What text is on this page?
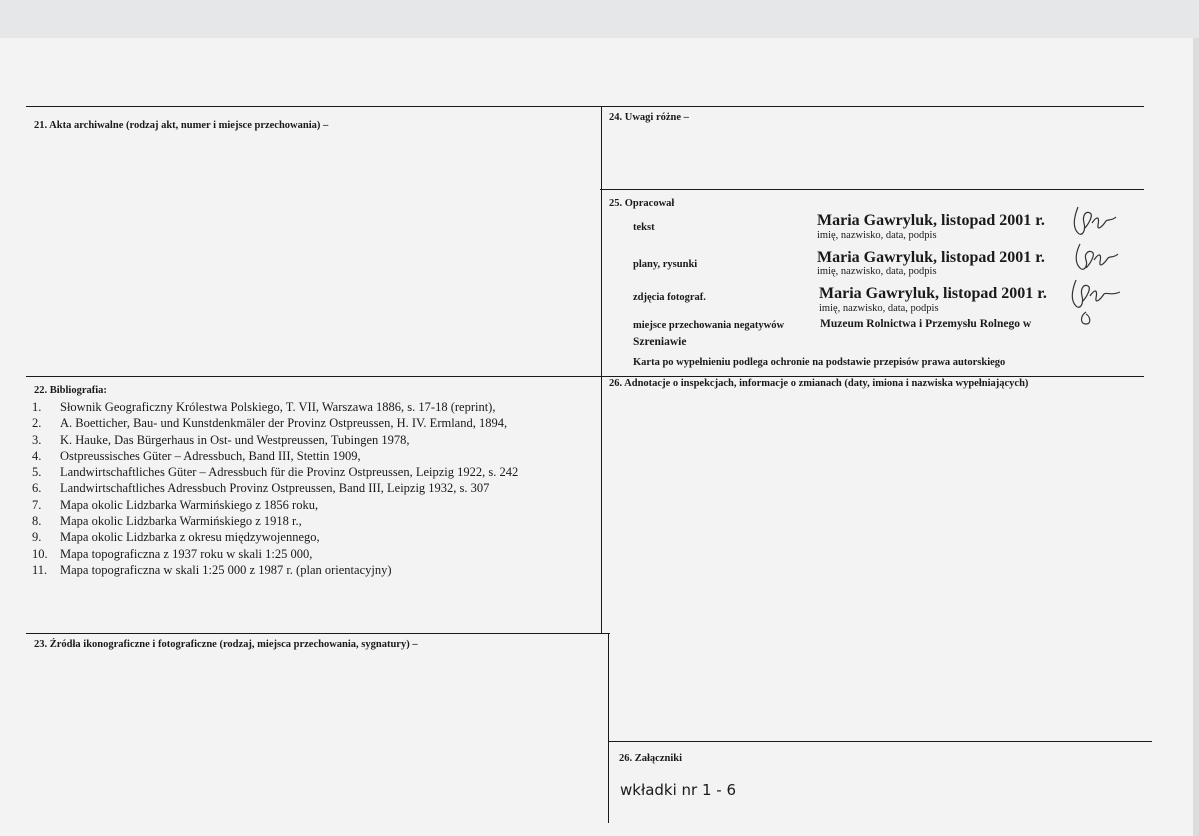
21. Akta archiwalne (rodzaj akt, numer i miejsce przechowania) –
24. Uwagi różne –
25. Opracował
tekst	Maria Gawryluk, listopad 2001 r.
imię, nazwisko, data, podpis
plany, rysunki	Maria Gawryluk, listopad 2001 r.
imię, nazwisko, data, podpis
zdjęcia fotograf.	Maria Gawryluk, listopad 2001 r.
imię, nazwisko, data, podpis
miejsce przechowania negatywów	Muzeum Rolnictwa i Przemysłu Rolnego w
Szreniawie
Karta po wypełnieniu podlega ochronie na podstawie przepisów prawa autorskiego
22. Bibliografia:
1. Słownik Geograficzny Królestwa Polskiego, T. VII, Warszawa 1886, s. 17-18 (reprint),
2. A. Boetticher, Bau- und Kunstdenkmäler der Provinz Ostpreussen, H. IV. Ermland, 1894,
3. K. Hauke, Das Bürgerhaus in Ost- und Westpreussen, Tubingen 1978,
4. Ostpreussisches Güter – Adressbuch, Band III, Stettin 1909,
5. Landwirtschaftliches Güter – Adressbuch für die Provinz Ostpreussen, Leipzig 1922, s. 242
6. Landwirtschaftliches Adressbuch Provinz Ostpreussen, Band III, Leipzig 1932, s. 307
7. Mapa okolic Lidzbarka Warmińskiego z 1856 roku,
8. Mapa okolic Lidzbarka Warmińskiego z 1918 r.,
9. Mapa okolic Lidzbarka z okresu międzywojennego,
10. Mapa topograficzna z 1937 roku w skali 1:25 000,
11. Mapa topograficzna w skali 1:25 000 z 1987 r. (plan orientacyjny)
26. Adnotacje o inspekcjach, informacje o zmianach (daty, imiona i nazwiska wypełniających)
23. Źródła ikonograficzne i fotograficzne (rodzaj, miejsca przechowania, sygnatury) –
26. Załączniki
wkładki nr 1 - 6
